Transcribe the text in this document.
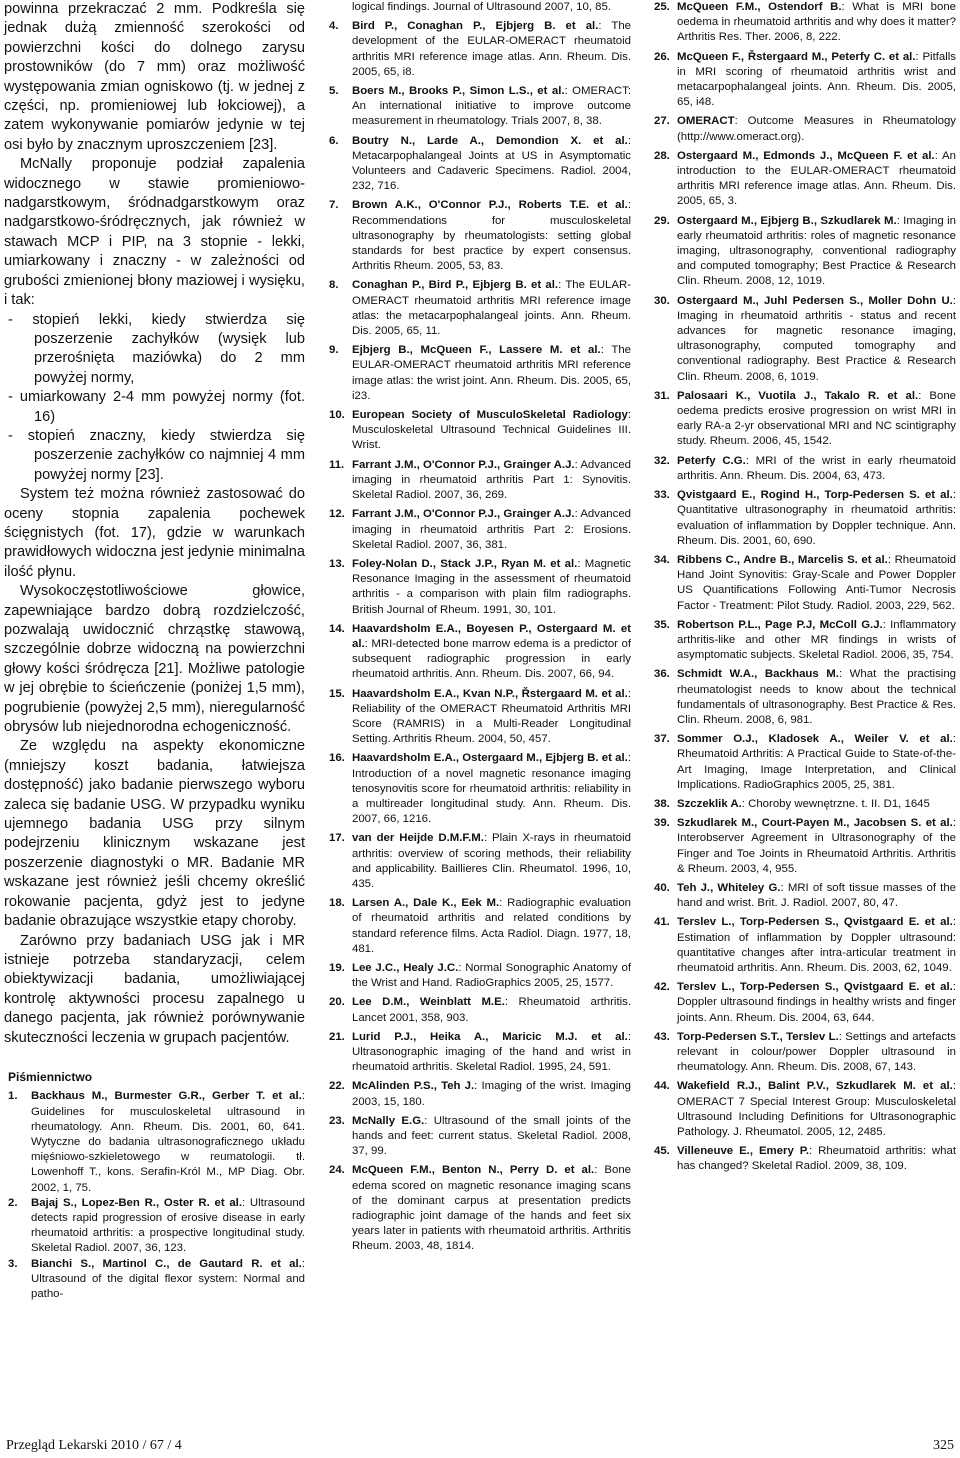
powinna przekraczać 2 mm. Podkreśla się jednak dużą zmienność szerokości od powierzchni kości do dolnego zarysu prostowników (do 7 mm) oraz możliwość występowania zmian ogniskowo (tj. w jednej z części, np. promieniowej lub łokciowej), a zatem wykonywanie pomiarów jedynie w tej osi było by znacznym uproszczeniem [23].

McNally proponuje podział zapalenia widocznego w stawie promieniowo-nadgarstkowym, śródnadgarstkowym oraz nadgarstkowo-śródręcznych, jak również w stawach MCP i PIP, na 3 stopnie - lekki, umiarkowany i znaczny - w zależności od grubości zmienionej błony maziowej i wysięku, i tak:

- stopień lekki, kiedy stwierdza się poszerzenie zachyłków (wysięk lub przerośnięta maziówka) do 2 mm powyżej normy,

- umiarkowany 2-4 mm powyżej normy (fot. 16)

- stopień znaczny, kiedy stwierdza się poszerzenie zachyłków co najmniej 4 mm powyżej normy [23].

System też można również zastosować do oceny stopnia zapalenia pochewek ścięgnistych (fot. 17), gdzie w warunkach prawidłowych widoczna jest jedynie minimalna ilość płynu.

Wysokoczęstotliwościowe głowice, zapewniające bardzo dobrą rozdzielczość, pozwalają uwidocznić chrząstkę stawową, szczególnie dobrze widoczną na powierzchni głowy kości śródręcza [21]. Możliwe patologie w jej obrębie to ścieńczenie (poniżej 1,5 mm), pogrubienie (powyżej 2,5 mm), nieregularność obrysów lub niejednorodna echogeniczność.

Ze względu na aspekty ekonomiczne (mniejszy koszt badania, łatwiejsza dostępność) jako badanie pierwszego wyboru zaleca się badanie USG. W przypadku wyniku ujemnego badania USG przy silnym podejrzeniu klinicznym wskazane jest poszerzenie diagnostyki o MR. Badanie MR wskazane jest również jeśli chcemy określić rokowanie pacjenta, gdyż jest to jedyne badanie obrazujące wszystkie etapy choroby.

Zarówno przy badaniach USG jak i MR istnieje potrzeba standaryzacji, celem obiektywizacji badania, umożliwiającej kontrolę aktywności procesu zapalnego u danego pacjenta, jak również porównywanie skuteczności leczenia w grupach pacjentów.

Piśmiennictwo

1. Backhaus M., Burmester G.R., Gerber T. et al.: Guidelines for musculoskeletal ultrasound in rheumatology. Ann. Rheum. Dis. 2001, 60, 641. Wytyczne do badania ultrasonograficznego układu mięśniowo-szkieletowego w reumatologii. tł. Lowenhoff T., kons. Serafin-Król M., MP Diag. Obr. 2002, 1, 75.

2. Bajaj S., Lopez-Ben R., Oster R. et al.: Ultrasound detects rapid progression of erosive disease in early rheumatoid arthritis: a prospective longitudinal study. Skeletal Radiol. 2007, 36, 123.

3. Bianchi S., Martinol C., de Gautard R. et al.: Ultrasound of the digital flexor system: Normal and patho-

logical findings. Journal of Ultrasound 2007, 10, 85.

4. Bird P., Conaghan P., Ejbjerg B. et al.: The development of the EULAR-OMERACT rheumatoid arthritis MRI reference image atlas. Ann. Rheum. Dis. 2005, 65, i8.

5. Boers M., Brooks P., Simon L.S., et al.: OMERACT: An international initiative to improve outcome measurement in rheumatology. Trials 2007, 8, 38.

6. Boutry N., Larde A., Demondion X. et al.: Metacarpophalangeal Joints at US in Asymptomatic Volunteers and Cadaveric Specimens. Radiol. 2004, 232, 716.

7. Brown A.K., O'Connor P.J., Roberts T.E. et al.: Recommendations for musculoskeletal ultrasonography by rheumatologists: setting global standards for best practice by expert consensus. Arthritis Rheum. 2005, 53, 83.

8. Conaghan P., Bird P., Ejbjerg B. et al.: The EULAR-OMERACT rheumatoid arthritis MRI reference image atlas: the metacarpophalangeal joints. Ann. Rheum. Dis. 2005, 65, 11.

9. Ejbjerg B., McQueen F., Lassere M. et al.: The EULAR-OMERACT rheumatoid arthritis MRI reference image atlas: the wrist joint. Ann. Rheum. Dis. 2005, 65, i23.

10. European Society of MusculoSkeletal Radiology: Musculoskeletal Ultrasound Technical Guidelines III. Wrist.

11. Farrant J.M., O'Connor P.J., Grainger A.J.: Advanced imaging in rheumatoid arthritis Part 1: Synovitis. Skeletal Radiol. 2007, 36, 269.

12. Farrant J.M., O'Connor P.J., Grainger A.J.: Advanced imaging in rheumatoid arthritis Part 2: Erosions. Skeletal Radiol. 2007, 36, 381.

13. Foley-Nolan D., Stack J.P., Ryan M. et al.: Magnetic Resonance Imaging in the assessment of rheumatoid arthritis - a comparison with plain film radiographs. British Journal of Rheum. 1991, 30, 101.

14. Haavardsholm E.A., Boyesen P., Ostergaard M. et al.: MRI-detected bone marrow edema is a predictor of subsequent radiographic progression in early rheumatoid arthritis. Ann. Rheum. Dis. 2007, 66, 94.

15. Haavardsholm E.A., Kvan N.P., Řstergaard M. et al.: Reliability of the OMERACT Rheumatoid Arthritis MRI Score (RAMRIS) in a Multi-Reader Longitudinal Setting. Arthritis Rheum. 2004, 50, 457.

16. Haavardsholm E.A., Ostergaard M., Ejbjerg B. et al.: Introduction of a novel magnetic resonance imaging tenosynovitis score for rheumatoid arthritis: reliability in a multireader longitudinal study. Ann. Rheum. Dis. 2007, 66, 1216.

17. van der Heijde D.M.F.M.: Plain X-rays in rheumatoid arthritis: overview of scoring methods, their reliability and applicability. Baillieres Clin. Rheumatol. 1996, 10, 435.

18. Larsen A., Dale K., Eek M.: Radiographic evaluation of rheumatoid arthritis and related conditions by standard reference films. Acta Radiol. Diagn. 1977, 18, 481.

19. Lee J.C., Healy J.C.: Normal Sonographic Anatomy of the Wrist and Hand. RadioGraphics 2005, 25, 1577.

20. Lee D.M., Weinblatt M.E.: Rheumatoid arthritis. Lancet 2001, 358, 903.

21. Lurid P.J., Heika A., Maricic M.J. et al.: Ultrasonographic imaging of the hand and wrist in rheumatoid arthritis. Skeletal Radiol. 1995, 24, 591.

22. McAlinden P.S., Teh J.: Imaging of the wrist. Imaging 2003, 15, 180.

23. McNally E.G.: Ultrasound of the small joints of the hands and feet: current status. Skeletal Radiol. 2008, 37, 99.

24. McQueen F.M., Benton N., Perry D. et al.: Bone edema scored on magnetic resonance imaging scans of the dominant carpus at presentation predicts radiographic joint damage of the hands and feet six years later in patients with rheumatoid arthritis. Arthritis Rheum. 2003, 48, 1814.

25. McQueen F.M., Ostendorf B.: What is MRI bone oedema in rheumatoid arthritis and why does it matter? Arthritis Res. Ther. 2006, 8, 222.

26. McQueen F., Řstergaard M., Peterfy C. et al.: Pitfalls in MRI scoring of rheumatoid arthritis wrist and metacarpophalangeal joints. Ann. Rheum. Dis. 2005, 65, i48.

27. OMERACT: Outcome Measures in Rheumatology (http://www.omeract.org).

28. Ostergaard M., Edmonds J., McQueen F. et al.: An introduction to the EULAR-OMERACT rheumatoid arthritis MRI reference image atlas. Ann. Rheum. Dis. 2005, 65, 3.

29. Ostergaard M., Ejbjerg B., Szkudlarek M.: Imaging in early rheumatoid arthritis: roles of magnetic resonance imaging, ultrasonography, conventional radiography and computed tomography; Best Practice & Research Clin. Rheum. 2008, 12, 1019.

30. Ostergaard M., Juhl Pedersen S., Moller Dohn U.: Imaging in rheumatoid arthritis - status and recent advances for magnetic resonance imaging, ultrasonography, computed tomography and conventional radiography. Best Practice & Research Clin. Rheum. 2008, 6, 1019.

31. Palosaari K., Vuotila J., Takalo R. et al.: Bone oedema predicts erosive progression on wrist MRI in early RA-a 2-yr observational MRI and NC scintigraphy study. Rheum. 2006, 45, 1542.

32. Peterfy C.G.: MRI of the wrist in early rheumatoid arthritis. Ann. Rheum. Dis. 2004, 63, 473.

33. Qvistgaard E., Rogind H., Torp-Pedersen S. et al.: Quantitative ultrasonography in rheumatoid arthritis: evaluation of inflammation by Doppler technique. Ann. Rheum. Dis. 2001, 60, 690.

34. Ribbens C., Andre B., Marcelis S. et al.: Rheumatoid Hand Joint Synovitis: Gray-Scale and Power Doppler US Quantifications Following Anti-Tumor Necrosis Factor - Treatment: Pilot Study. Radiol. 2003, 229, 562.

35. Robertson P.L., Page P.J, McColl G.J.: Inflammatory arthritis-like and other MR findings in wrists of asymptomatic subjects. Skeletal Radiol. 2006, 35, 754.

36. Schmidt W.A., Backhaus M.: What the practising rheumatologist needs to know about the technical fundamentals of ultrasonography. Best Practice & Res. Clin. Rheum. 2008, 6, 981.

37. Sommer O.J., Kladosek A., Weiler V. et al.: Rheumatoid Arthritis: A Practical Guide to State-of-the-Art Imaging, Image Interpretation, and Clinical Implications. RadioGraphics 2005, 25, 381.

38. Szczeklik A.: Choroby wewnętrzne. t. II. D1, 1645

39. Szkudlarek M., Court-Payen M., Jacobsen S. et al.: Interobserver Agreement in Ultrasonography of the Finger and Toe Joints in Rheumatoid Arthritis. Arthritis & Rheum. 2003, 4, 955.

40. Teh J., Whiteley G.: MRI of soft tissue masses of the hand and wrist. Brit. J. Radiol. 2007, 80, 47.

41. Terslev L., Torp-Pedersen S., Qvistgaard E. et al.: Estimation of inflammation by Doppler ultrasound: quantitative changes after intra-articular treatment in rheumatoid arthritis. Ann. Rheum. Dis. 2003, 62, 1049.

42. Terslev L., Torp-Pedersen S., Qvistgaard E. et al.: Doppler ultrasound findings in healthy wrists and finger joints. Ann. Rheum. Dis. 2004, 63, 644.

43. Torp-Pedersen S.T., Terslev L.: Settings and artefacts relevant in colour/power Doppler ultrasound in rheumatology. Ann. Rheum. Dis. 2008, 67, 143.

44. Wakefield R.J., Balint P.V., Szkudlarek M. et al.: OMERACT 7 Special Interest Group: Musculoskeletal Ultrasound Including Definitions for Ultrasonographic Pathology. J. Rheumatol. 2005, 12, 2485.

45. Villeneuve E., Emery P.: Rheumatoid arthritis: what has changed? Skeletal Radiol. 2009, 38, 109.

Przegląd Lekarski 2010 / 67 / 4	325
